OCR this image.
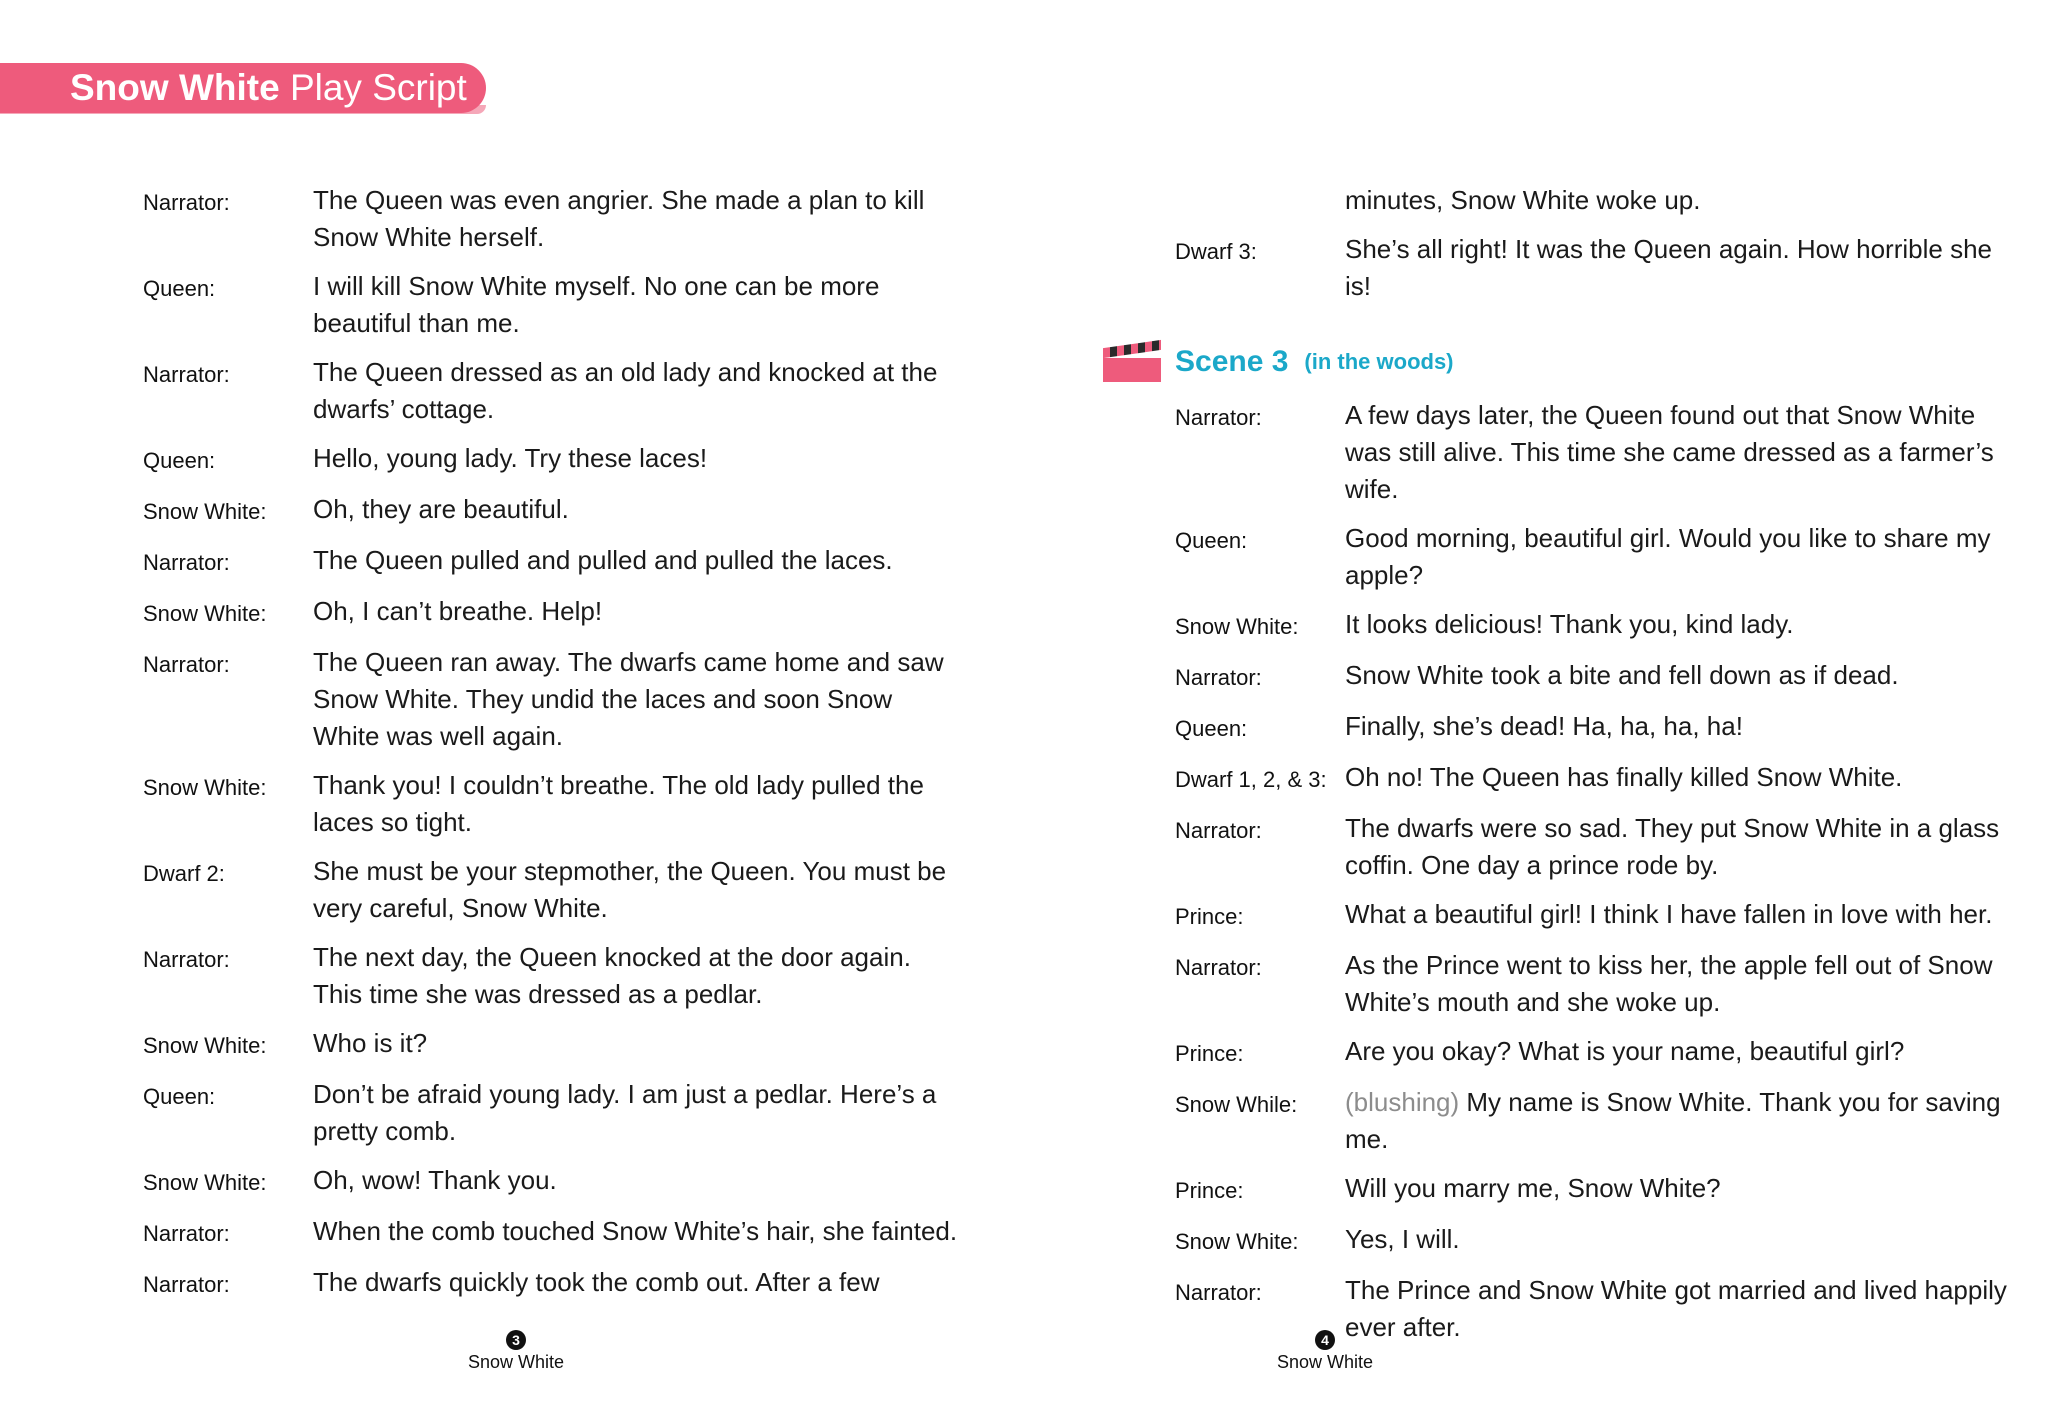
Snow White Play Script
Narrator:	The Queen was even angrier. She made a plan to kill Snow White herself.
Queen:	I will kill Snow White myself. No one can be more beautiful than me.
Narrator:	The Queen dressed as an old lady and knocked at the dwarfs’ cottage.
Queen:	Hello, young lady. Try these laces!
Snow White:	Oh, they are beautiful.
Narrator:	The Queen pulled and pulled and pulled the laces.
Snow White:	Oh, I can’t breathe. Help!
Narrator:	The Queen ran away. The dwarfs came home and saw Snow White. They undid the laces and soon Snow White was well again.
Snow White:	Thank you! I couldn’t breathe. The old lady pulled the laces so tight.
Dwarf 2:	She must be your stepmother, the Queen. You must be very careful, Snow White.
Narrator:	The next day, the Queen knocked at the door again. This time she was dressed as a pedlar.
Snow White:	Who is it?
Queen:	Don’t be afraid young lady. I am just a pedlar. Here’s a pretty comb.
Snow White:	Oh, wow! Thank you.
Narrator:	When the comb touched Snow White’s hair, she fainted.
Narrator:	The dwarfs quickly took the comb out. After a few
3
Snow White
minutes, Snow White woke up.
Dwarf 3:	She’s all right! It was the Queen again. How horrible she is!
Scene 3 (in the woods)
Narrator:	A few days later, the Queen found out that Snow White was still alive. This time she came dressed as a farmer’s wife.
Queen:	Good morning, beautiful girl. Would you like to share my apple?
Snow White:	It looks delicious! Thank you, kind lady.
Narrator:	Snow White took a bite and fell down as if dead.
Queen:	Finally, she’s dead! Ha, ha, ha, ha!
Dwarf 1, 2, & 3: Oh no! The Queen has finally killed Snow White.
Narrator:	The dwarfs were so sad. They put Snow White in a glass coffin. One day a prince rode by.
Prince:	What a beautiful girl! I think I have fallen in love with her.
Narrator:	As the Prince went to kiss her, the apple fell out of Snow White’s mouth and she woke up.
Prince:	Are you okay? What is your name, beautiful girl?
Snow While:	(blushing) My name is Snow White. Thank you for saving me.
Prince:	Will you marry me, Snow White?
Snow White:	Yes, I will.
Narrator:	The Prince and Snow White got married and lived happily ever after.
4
Snow White
